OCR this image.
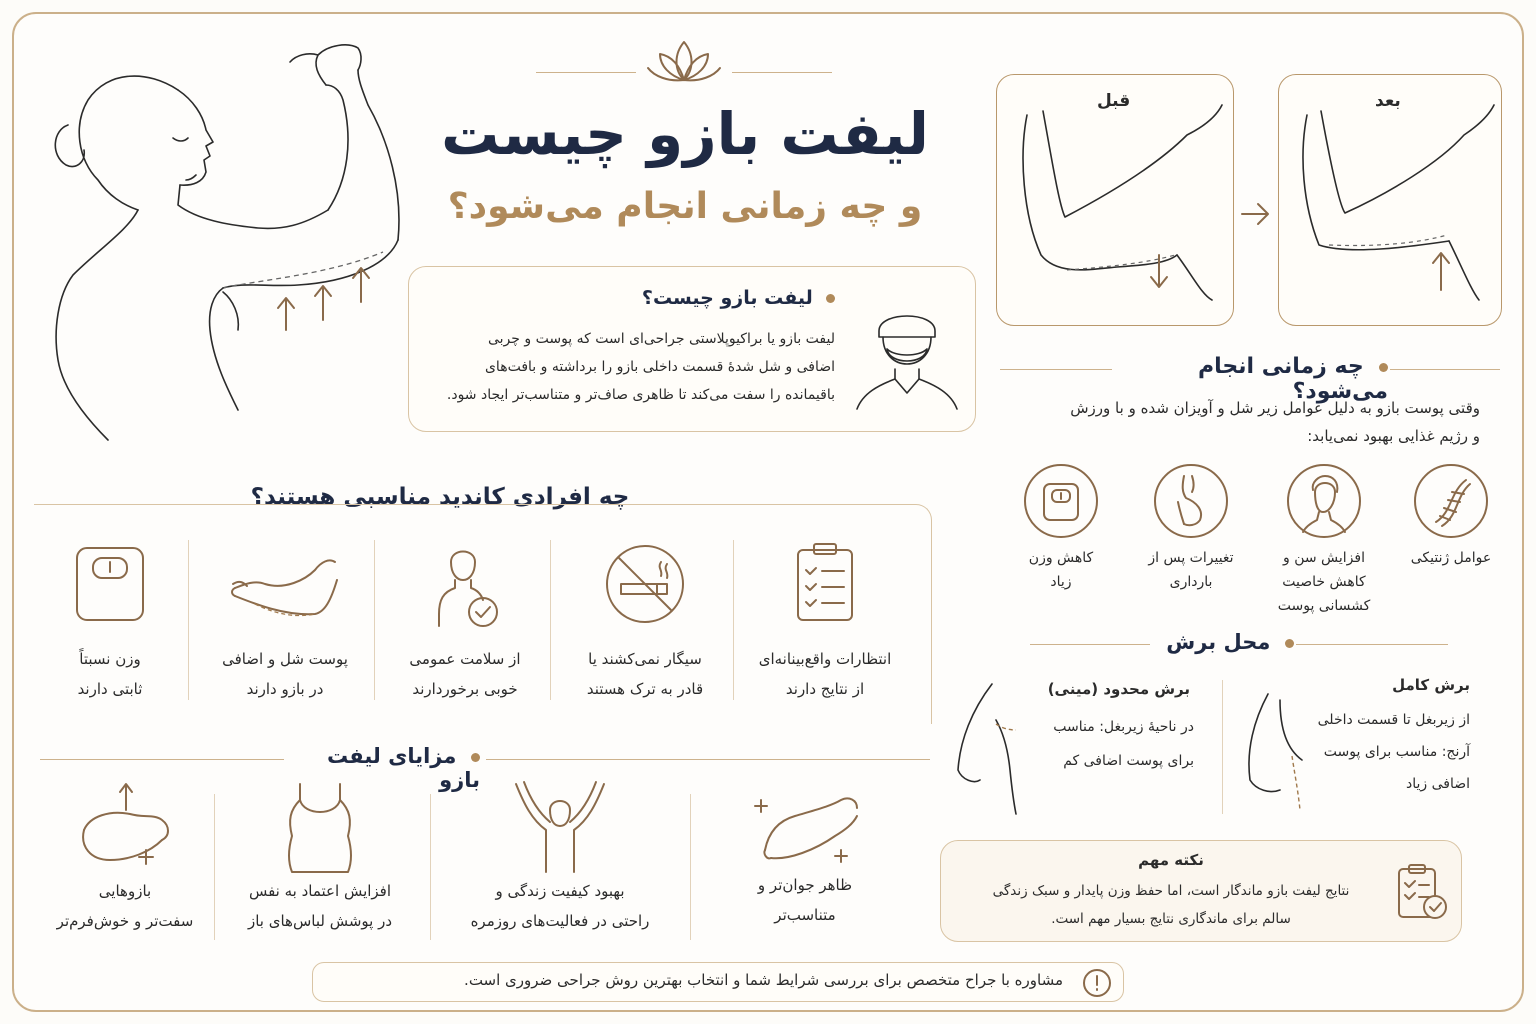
لیفت بازو چیست
و چه زمانی انجام می‌شود؟
لیفت بازو چیست؟
لیفت بازو یا براکیوپلاستی جراحی‌ای است که پوست و چربی
اضافی و شل شدهٔ قسمت داخلی بازو را برداشته و بافت‌های
باقیمانده را سفت می‌کند تا ظاهری صاف‌تر و متناسب‌تر ایجاد شود.
قبل	بعد
چه زمانی انجام می‌شود؟
وقتی پوست بازو به دلیل عوامل زیر شل و آویزان شده و با ورزش
و رژیم غذایی بهبود نمی‌یابد:
عوامل ژنتیکی
افزایش سن و
کاهش خاصیت
کشسانی پوست
تغییرات پس از
بارداری
کاهش وزن
زیاد
محل برش
برش کامل
از زیربغل تا قسمت داخلی
آرنج: مناسب برای پوست
اضافی زیاد
برش محدود (مینی)
در ناحیهٔ زیربغل: مناسب
برای پوست اضافی کم
نکته مهم
نتایج لیفت بازو ماندگار است، اما حفظ وزن پایدار و سبک زندگی
سالم برای ماندگاری نتایج بسیار مهم است.
چه افرادی کاندید مناسبی هستند؟
انتظارات واقع‌بینانه‌ای
از نتایج دارند
سیگار نمی‌کشند یا
قادر به ترک هستند
از سلامت عمومی
خوبی برخوردارند
پوست شل و اضافی
در بازو دارند
وزن نسبتاً
ثابتی دارند
مزایای لیفت بازو
ظاهر جوان‌تر و
متناسب‌تر
بهبود کیفیت زندگی و
راحتی در فعالیت‌های روزمره
افزایش اعتماد به نفس
در پوشش لباس‌های باز
بازوهایی
سفت‌تر و خوش‌فرم‌تر
مشاوره با جراح متخصص برای بررسی شرایط شما و انتخاب بهترین روش جراحی ضروری است.
